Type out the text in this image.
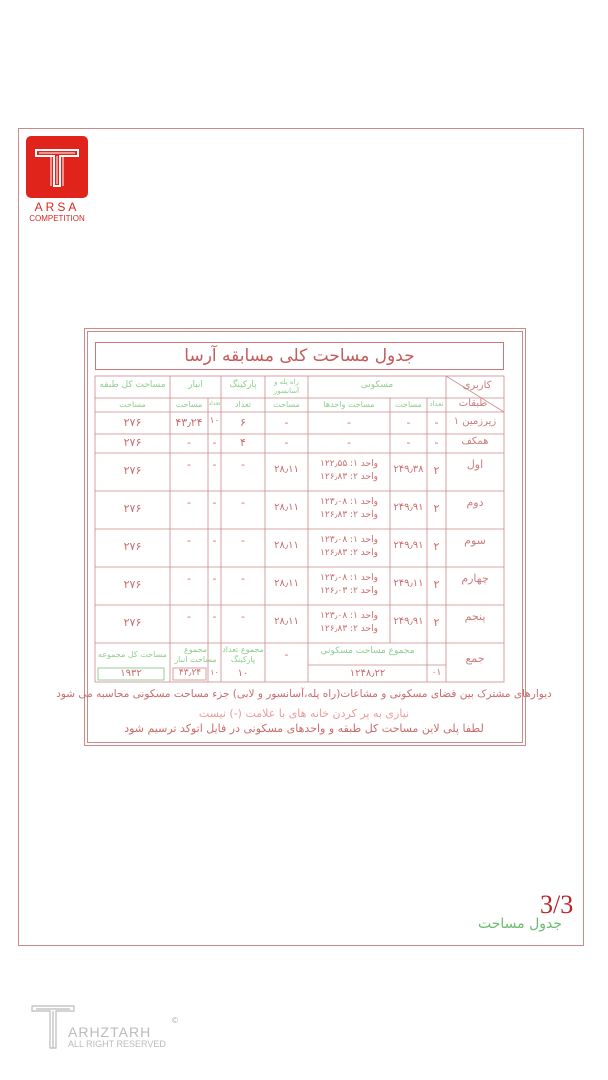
ARSA
COMPETITION
جدول مساحت کلی مسابقه آرسا
کاربری
طبقات
مسکونی
تعداد
مساحت
مساحت واحدها
راه پله و آسانسور
مساحت
پارکینگ
تعداد
انبار
تعداد
مساحت
مساحت کل طبقه
مساحت
زیرزمین ۱
-
-
-
-
۶
۱۰
۴۳٫۲۴
۲۷۶
همکف
-
-
-
-
۴
-
-
۲۷۶
اول
۲
۲۴۹٫۳۸
واحد ۱: ۱۲۲٫۵۵
واحد ۲: ۱۲۶٫۸۳
۲۸٫۱۱
-
-
-
۲۷۶
دوم
۲
۲۴۹٫۹۱
واحد ۱: ۱۲۳٫۰۸
واحد ۲: ۱۲۶٫۸۳
۲۸٫۱۱
-
-
-
۲۷۶
سوم
۲
۲۴۹٫۹۱
واحد ۱: ۱۲۳٫۰۸
واحد ۲: ۱۲۶٫۸۳
۲۸٫۱۱
-
-
-
۲۷۶
چهارم
۲
۲۴۹٫۱۱
واحد ۱: ۱۲۳٫۰۸
واحد ۲: ۱۲۶٫۰۳
۲۸٫۱۱
-
-
-
۲۷۶
پنجم
۲
۲۴۹٫۹۱
واحد ۱: ۱۲۳٫۰۸
واحد ۲: ۱۲۶٫۸۳
۲۸٫۱۱
-
-
-
۲۷۶
جمع
۰۱
مجموع مساحت مسکونی
۱۲۴۸٫۲۲
-
مجموع تعداد پارکینگ
۱۰
مجموع مساحت انبار
۱۰
۴۳٫۲۴
مساحت کل مجموعه
۱۹۳۲
دیوارهای مشترک بین فضای مسکونی و مشاعات(راه پله،آسانسور و لابی) جزء مساحت مسکونی محاسبه می شود
نیازی به پر کردن خانه های با علامت (-) نیست
لطفا پلی لاین مساحت کل طبقه و واحدهای مسکونی در فایل اتوکد ترسیم شود
3/3
جدول مساحت
ARHZTARH
ALL RIGHT RESERVED
©
